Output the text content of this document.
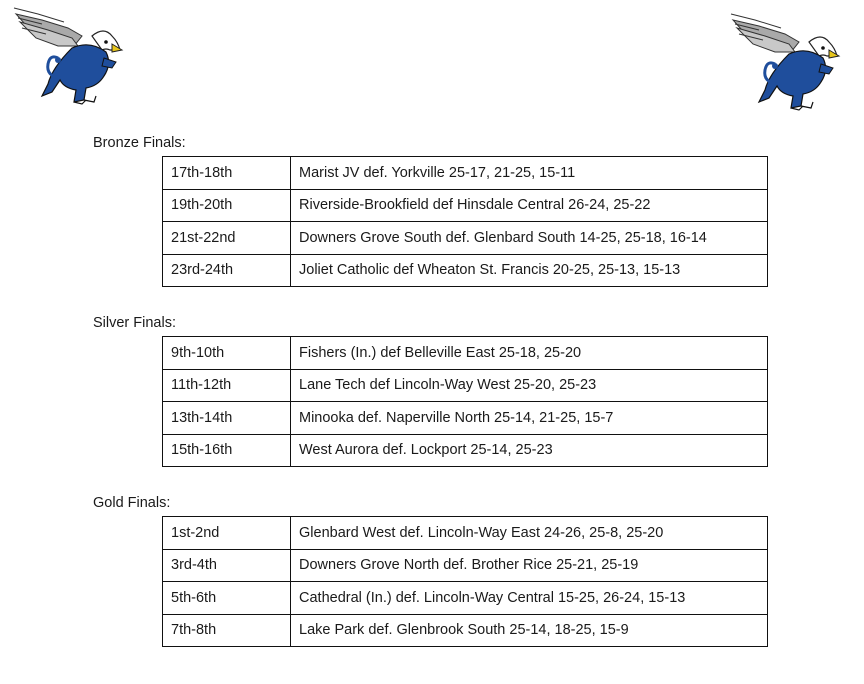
Bronze Finals:
17th-18th	Marist JV def. Yorkville 25-17, 21-25, 15-11
19th-20th	Riverside-Brookfield def Hinsdale Central 26-24, 25-22
21st-22nd	Downers Grove South def. Glenbard South 14-25, 25-18, 16-14
23rd-24th	Joliet Catholic def Wheaton St. Francis 20-25, 25-13, 15-13
Silver Finals:
9th-10th	Fishers (In.) def Belleville East 25-18, 25-20
11th-12th	Lane Tech def Lincoln-Way West 25-20, 25-23
13th-14th	Minooka def. Naperville North 25-14, 21-25, 15-7
15th-16th	West Aurora def. Lockport 25-14, 25-23
Gold Finals:
1st-2nd	Glenbard West def. Lincoln-Way East 24-26, 25-8, 25-20
3rd-4th	Downers Grove North def. Brother Rice 25-21, 25-19
5th-6th	Cathedral (In.) def. Lincoln-Way Central 15-25, 26-24, 15-13
7th-8th	Lake Park def. Glenbrook South 25-14, 18-25, 15-9
